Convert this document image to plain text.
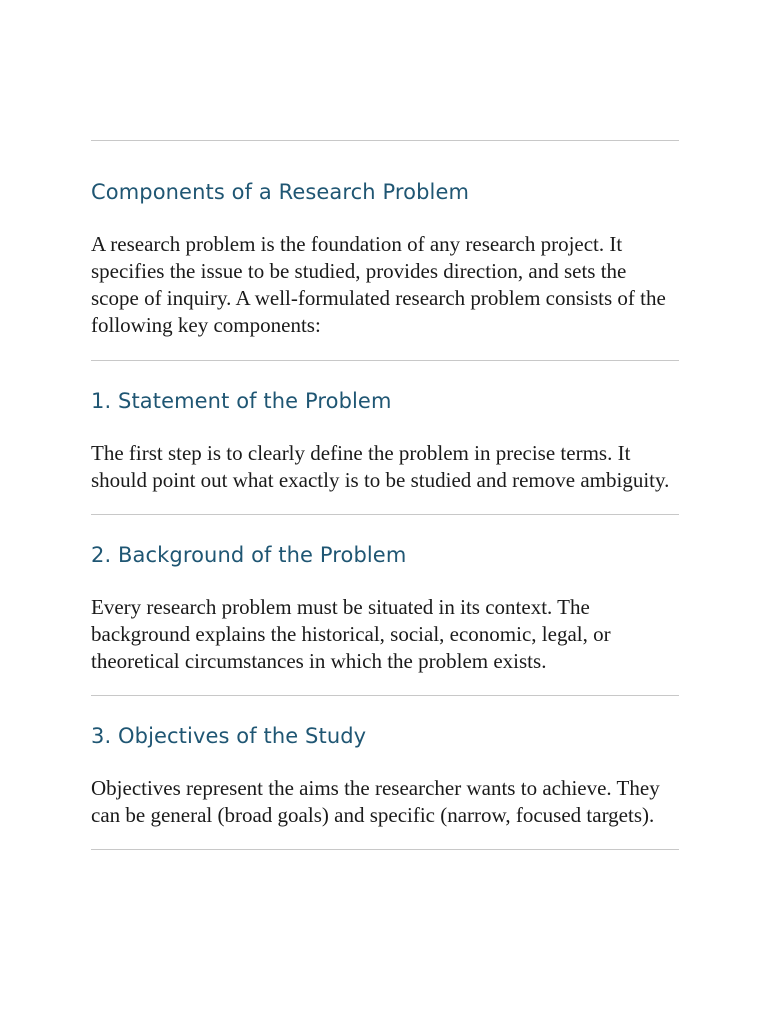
Components of a Research Problem

A research problem is the foundation of any research project. It specifies the issue to be studied, provides direction, and sets the scope of inquiry. A well-formulated research problem consists of the following key components:

1. Statement of the Problem

The first step is to clearly define the problem in precise terms. It should point out what exactly is to be studied and remove ambiguity.

2. Background of the Problem

Every research problem must be situated in its context. The background explains the historical, social, economic, legal, or theoretical circumstances in which the problem exists.

3. Objectives of the Study

Objectives represent the aims the researcher wants to achieve. They can be general (broad goals) and specific (narrow, focused targets).
